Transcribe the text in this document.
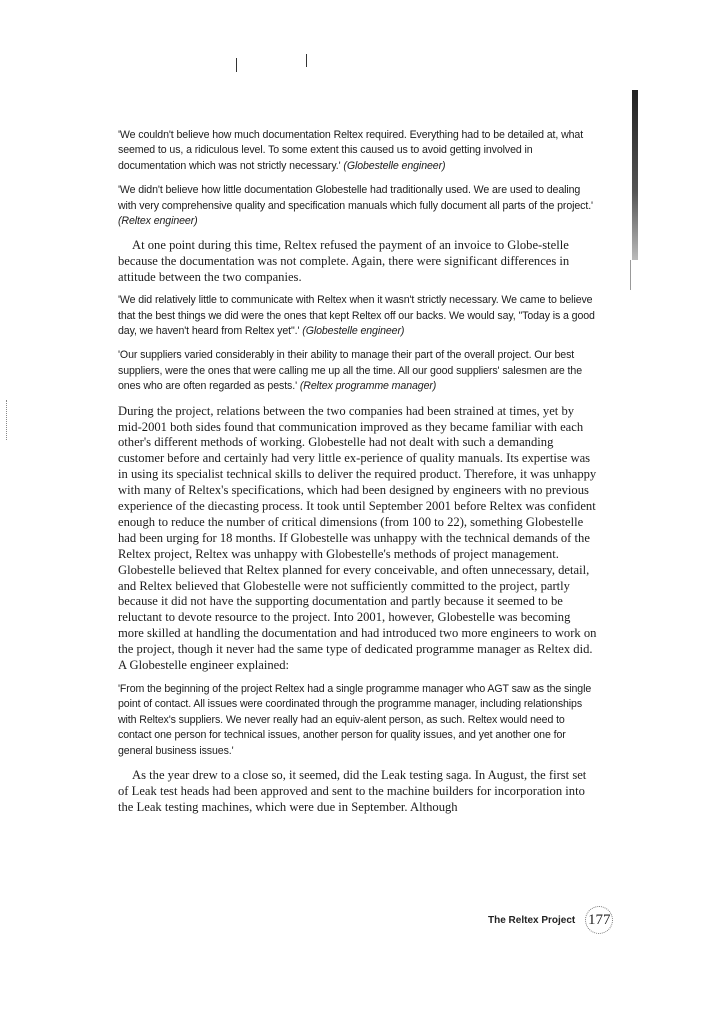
'We couldn't believe how much documentation Reltex required. Everything had to be detailed at, what seemed to us, a ridiculous level. To some extent this caused us to avoid getting involved in documentation which was not strictly necessary.' (Globestelle engineer)

'We didn't believe how little documentation Globestelle had traditionally used. We are used to dealing with very comprehensive quality and specification manuals which fully document all parts of the project.' (Reltex engineer)

At one point during this time, Reltex refused the payment of an invoice to Globe-stelle because the documentation was not complete. Again, there were significant differences in attitude between the two companies.

'We did relatively little to communicate with Reltex when it wasn't strictly necessary. We came to believe that the best things we did were the ones that kept Reltex off our backs. We would say, "Today is a good day, we haven't heard from Reltex yet".' (Globestelle engineer)

'Our suppliers varied considerably in their ability to manage their part of the overall project. Our best suppliers, were the ones that were calling me up all the time. All our good suppliers' salesmen are the ones who are often regarded as pests.' (Reltex programme manager)

During the project, relations between the two companies had been strained at times, yet by mid-2001 both sides found that communication improved as they became familiar with each other's different methods of working. Globestelle had not dealt with such a demanding customer before and certainly had very little ex-perience of quality manuals. Its expertise was in using its specialist technical skills to deliver the required product. Therefore, it was unhappy with many of Reltex's specifications, which had been designed by engineers with no previous experience of the diecasting process. It took until September 2001 before Reltex was confident enough to reduce the number of critical dimensions (from 100 to 22), something Globestelle had been urging for 18 months. If Globestelle was unhappy with the technical demands of the Reltex project, Reltex was unhappy with Globestelle's methods of project management. Globestelle believed that Reltex planned for every conceivable, and often unnecessary, detail, and Reltex believed that Globestelle were not sufficiently committed to the project, partly because it did not have the supporting documentation and partly because it seemed to be reluctant to devote resource to the project. Into 2001, however, Globestelle was becoming more skilled at handling the documentation and had introduced two more engineers to work on the project, though it never had the same type of dedicated programme manager as Reltex did. A Globestelle engineer explained:

'From the beginning of the project Reltex had a single programme manager who AGT saw as the single point of contact. All issues were coordinated through the programme manager, including relationships with Reltex's suppliers. We never really had an equiv-alent person, as such. Reltex would need to contact one person for technical issues, another person for quality issues, and yet another one for general business issues.'

As the year drew to a close so, it seemed, did the Leak testing saga. In August, the first set of Leak test heads had been approved and sent to the machine builders for incorporation into the Leak testing machines, which were due in September. Although

The Reltex Project 177
